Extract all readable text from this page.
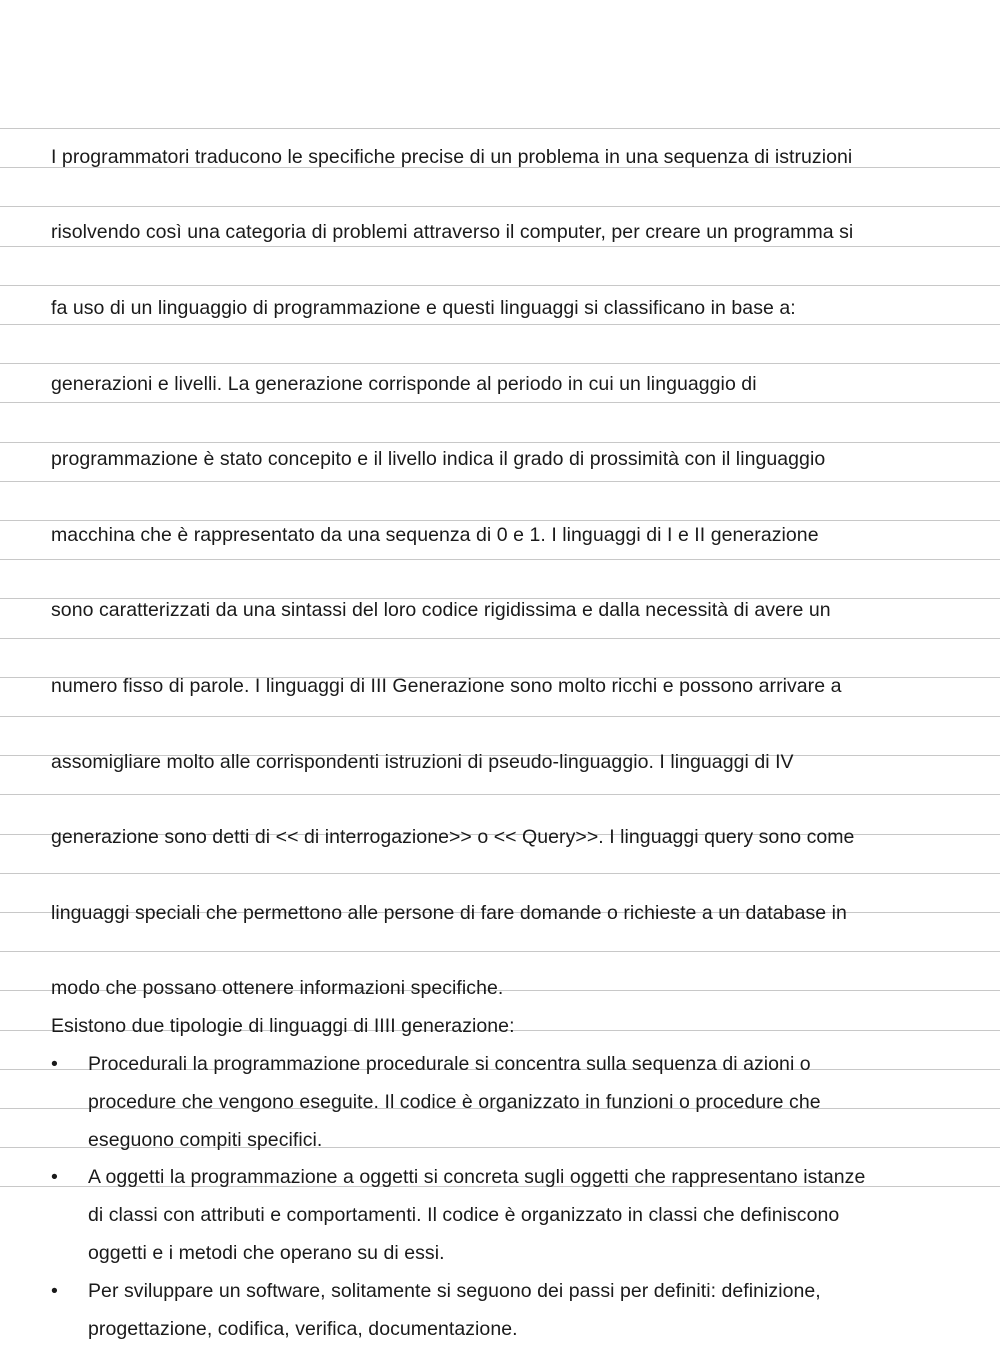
I programmatori traducono le specifiche precise di un problema in una sequenza di istruzioni

risolvendo così una categoria di problemi attraverso il computer, per creare un programma si

fa uso di un linguaggio di programmazione e questi linguaggi si classificano in base a:

generazioni e livelli. La generazione corrisponde al periodo in cui un linguaggio di

programmazione è stato concepito e il livello indica il grado di prossimità con il linguaggio

macchina che è rappresentato da una sequenza di 0 e 1. I linguaggi di I e II generazione

sono caratterizzati da una sintassi del loro codice rigidissima e dalla necessità di avere un

numero fisso di parole. I linguaggi di III Generazione sono molto ricchi e possono arrivare a

assomigliare molto alle corrispondenti istruzioni di pseudo-linguaggio. I linguaggi di IV

generazione sono detti di << di interrogazione>> o << Query>>. I linguaggi query sono come

linguaggi speciali che permettono alle persone di fare domande o richieste a un database in

modo che possano ottenere informazioni specifiche.

Esistono due tipologie di linguaggi di IIII generazione:

• Procedurali la programmazione procedurale si concentra sulla sequenza di azioni o
procedure che vengono eseguite. Il codice è organizzato in funzioni o procedure che
eseguono compiti specifici.
• A oggetti la programmazione a oggetti si concreta sugli oggetti che rappresentano istanze
di classi con attributi e comportamenti. Il codice è organizzato in classi che definiscono
oggetti e i metodi che operano su di essi.
• Per sviluppare un software, solitamente si seguono dei passi per definiti: definizione,
progettazione, codifica, verifica, documentazione.
